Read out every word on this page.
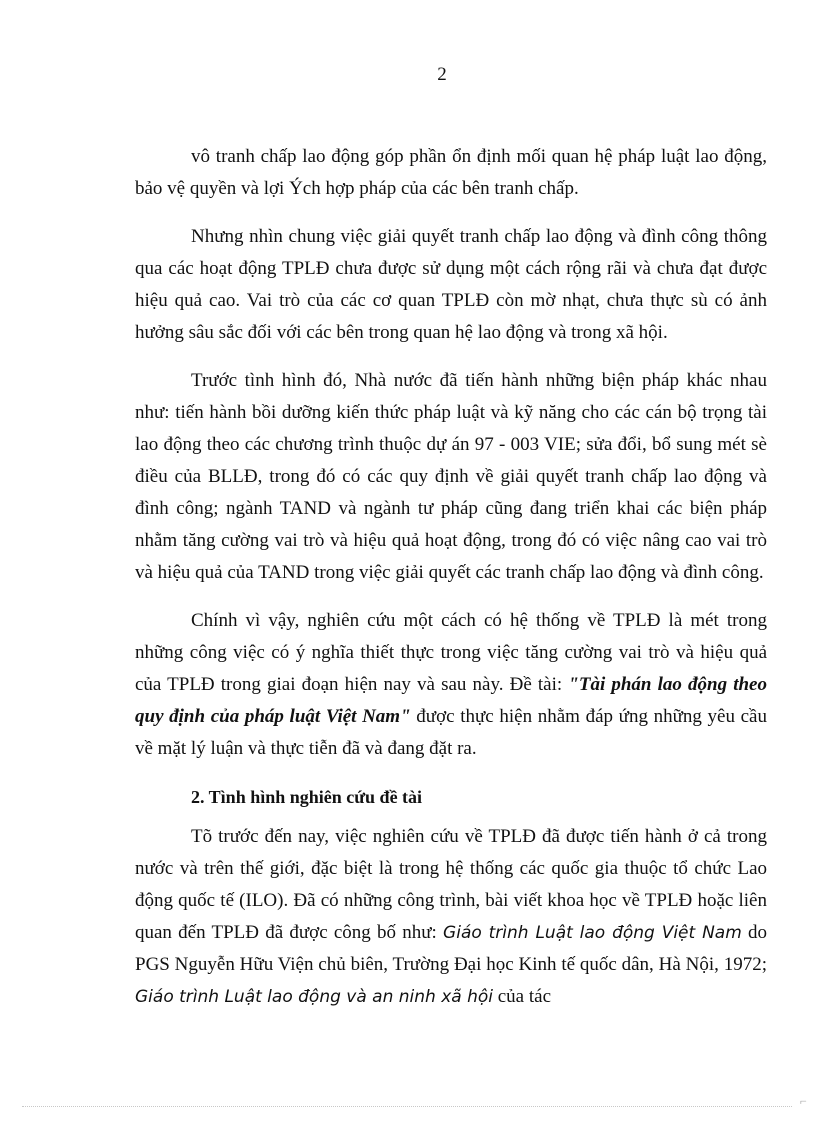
2

vô tranh chấp lao động góp phần ổn định mối quan hệ pháp luật lao động, bảo vệ quyền và lợi Ých hợp pháp của các bên tranh chấp.

Nhưng nhìn chung việc giải quyết tranh chấp lao động và đình công thông qua các hoạt động TPLĐ chưa được sử dụng một cách rộng rãi và chưa đạt được hiệu quả cao. Vai trò của các cơ quan TPLĐ còn mờ nhạt, chưa thực sù có ảnh hưởng sâu sắc đối với các bên trong quan hệ lao động và trong xã hội.

Trước tình hình đó, Nhà nước đã tiến hành những biện pháp khác nhau như: tiến hành bồi dưỡng kiến thức pháp luật và kỹ năng cho các cán bộ trọng tài lao động theo các chương trình thuộc dự án 97 - 003 VIE; sửa đổi, bổ sung mét sè điều của BLLĐ, trong đó có các quy định về giải quyết tranh chấp lao động và đình công; ngành TAND và ngành tư pháp cũng đang triển khai các biện pháp nhằm tăng cường vai trò và hiệu quả hoạt động, trong đó có việc nâng cao vai trò và hiệu quả của TAND trong việc giải quyết các tranh chấp lao động và đình công.

Chính vì vậy, nghiên cứu một cách có hệ thống về TPLĐ là mét trong những công việc có ý nghĩa thiết thực trong việc tăng cường vai trò và hiệu quả của TPLĐ trong giai đoạn hiện nay và sau này. Đề tài: "Tài phán lao động theo quy định của pháp luật Việt Nam" được thực hiện nhằm đáp ứng những yêu cầu về mặt lý luận và thực tiễn đã và đang đặt ra.

2. Tình hình nghiên cứu đề tài

Tõ trước đến nay, việc nghiên cứu về TPLĐ đã được tiến hành ở cả trong nước và trên thế giới, đặc biệt là trong hệ thống các quốc gia thuộc tổ chức Lao động quốc tế (ILO). Đã có những công trình, bài viết khoa học về TPLĐ hoặc liên quan đến TPLĐ đã được công bố như: Giáo trình Luật lao động Việt Nam do PGS Nguyễn Hữu Viện chủ biên, Trường Đại học Kinh tế quốc dân, Hà Nội, 1972; Giáo trình Luật lao động và an ninh xã hội của tác

⌐
